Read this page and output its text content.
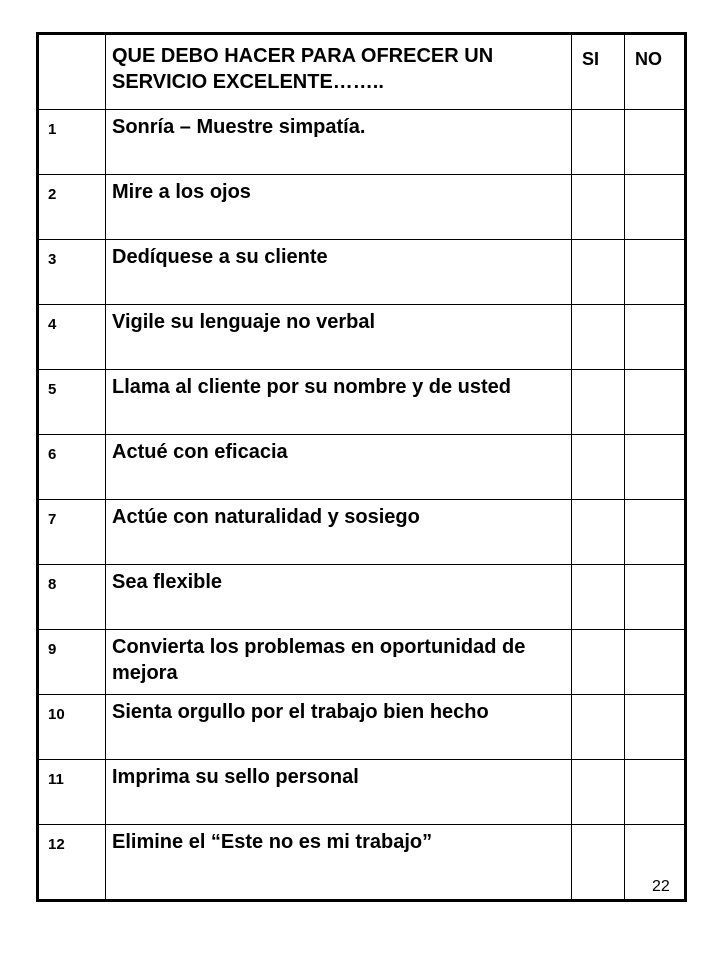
	QUE DEBO HACER PARA OFRECER UN SERVICIO EXCELENTE……..	SI	NO
1	Sonría – Muestre simpatía.		
2	Mire a los ojos		
3	Dedíquese a su cliente		
4	Vigile su lenguaje no verbal		
5	Llama al cliente por su nombre y de usted		
6	Actué con eficacia		
7	Actúe con naturalidad y sosiego		
8	Sea flexible		
9	Convierta los problemas en oportunidad de mejora		
10	Sienta orgullo por el trabajo bien hecho		
11	Imprima su sello personal		
12	Elimine el “Este no es mi trabajo”		
22
